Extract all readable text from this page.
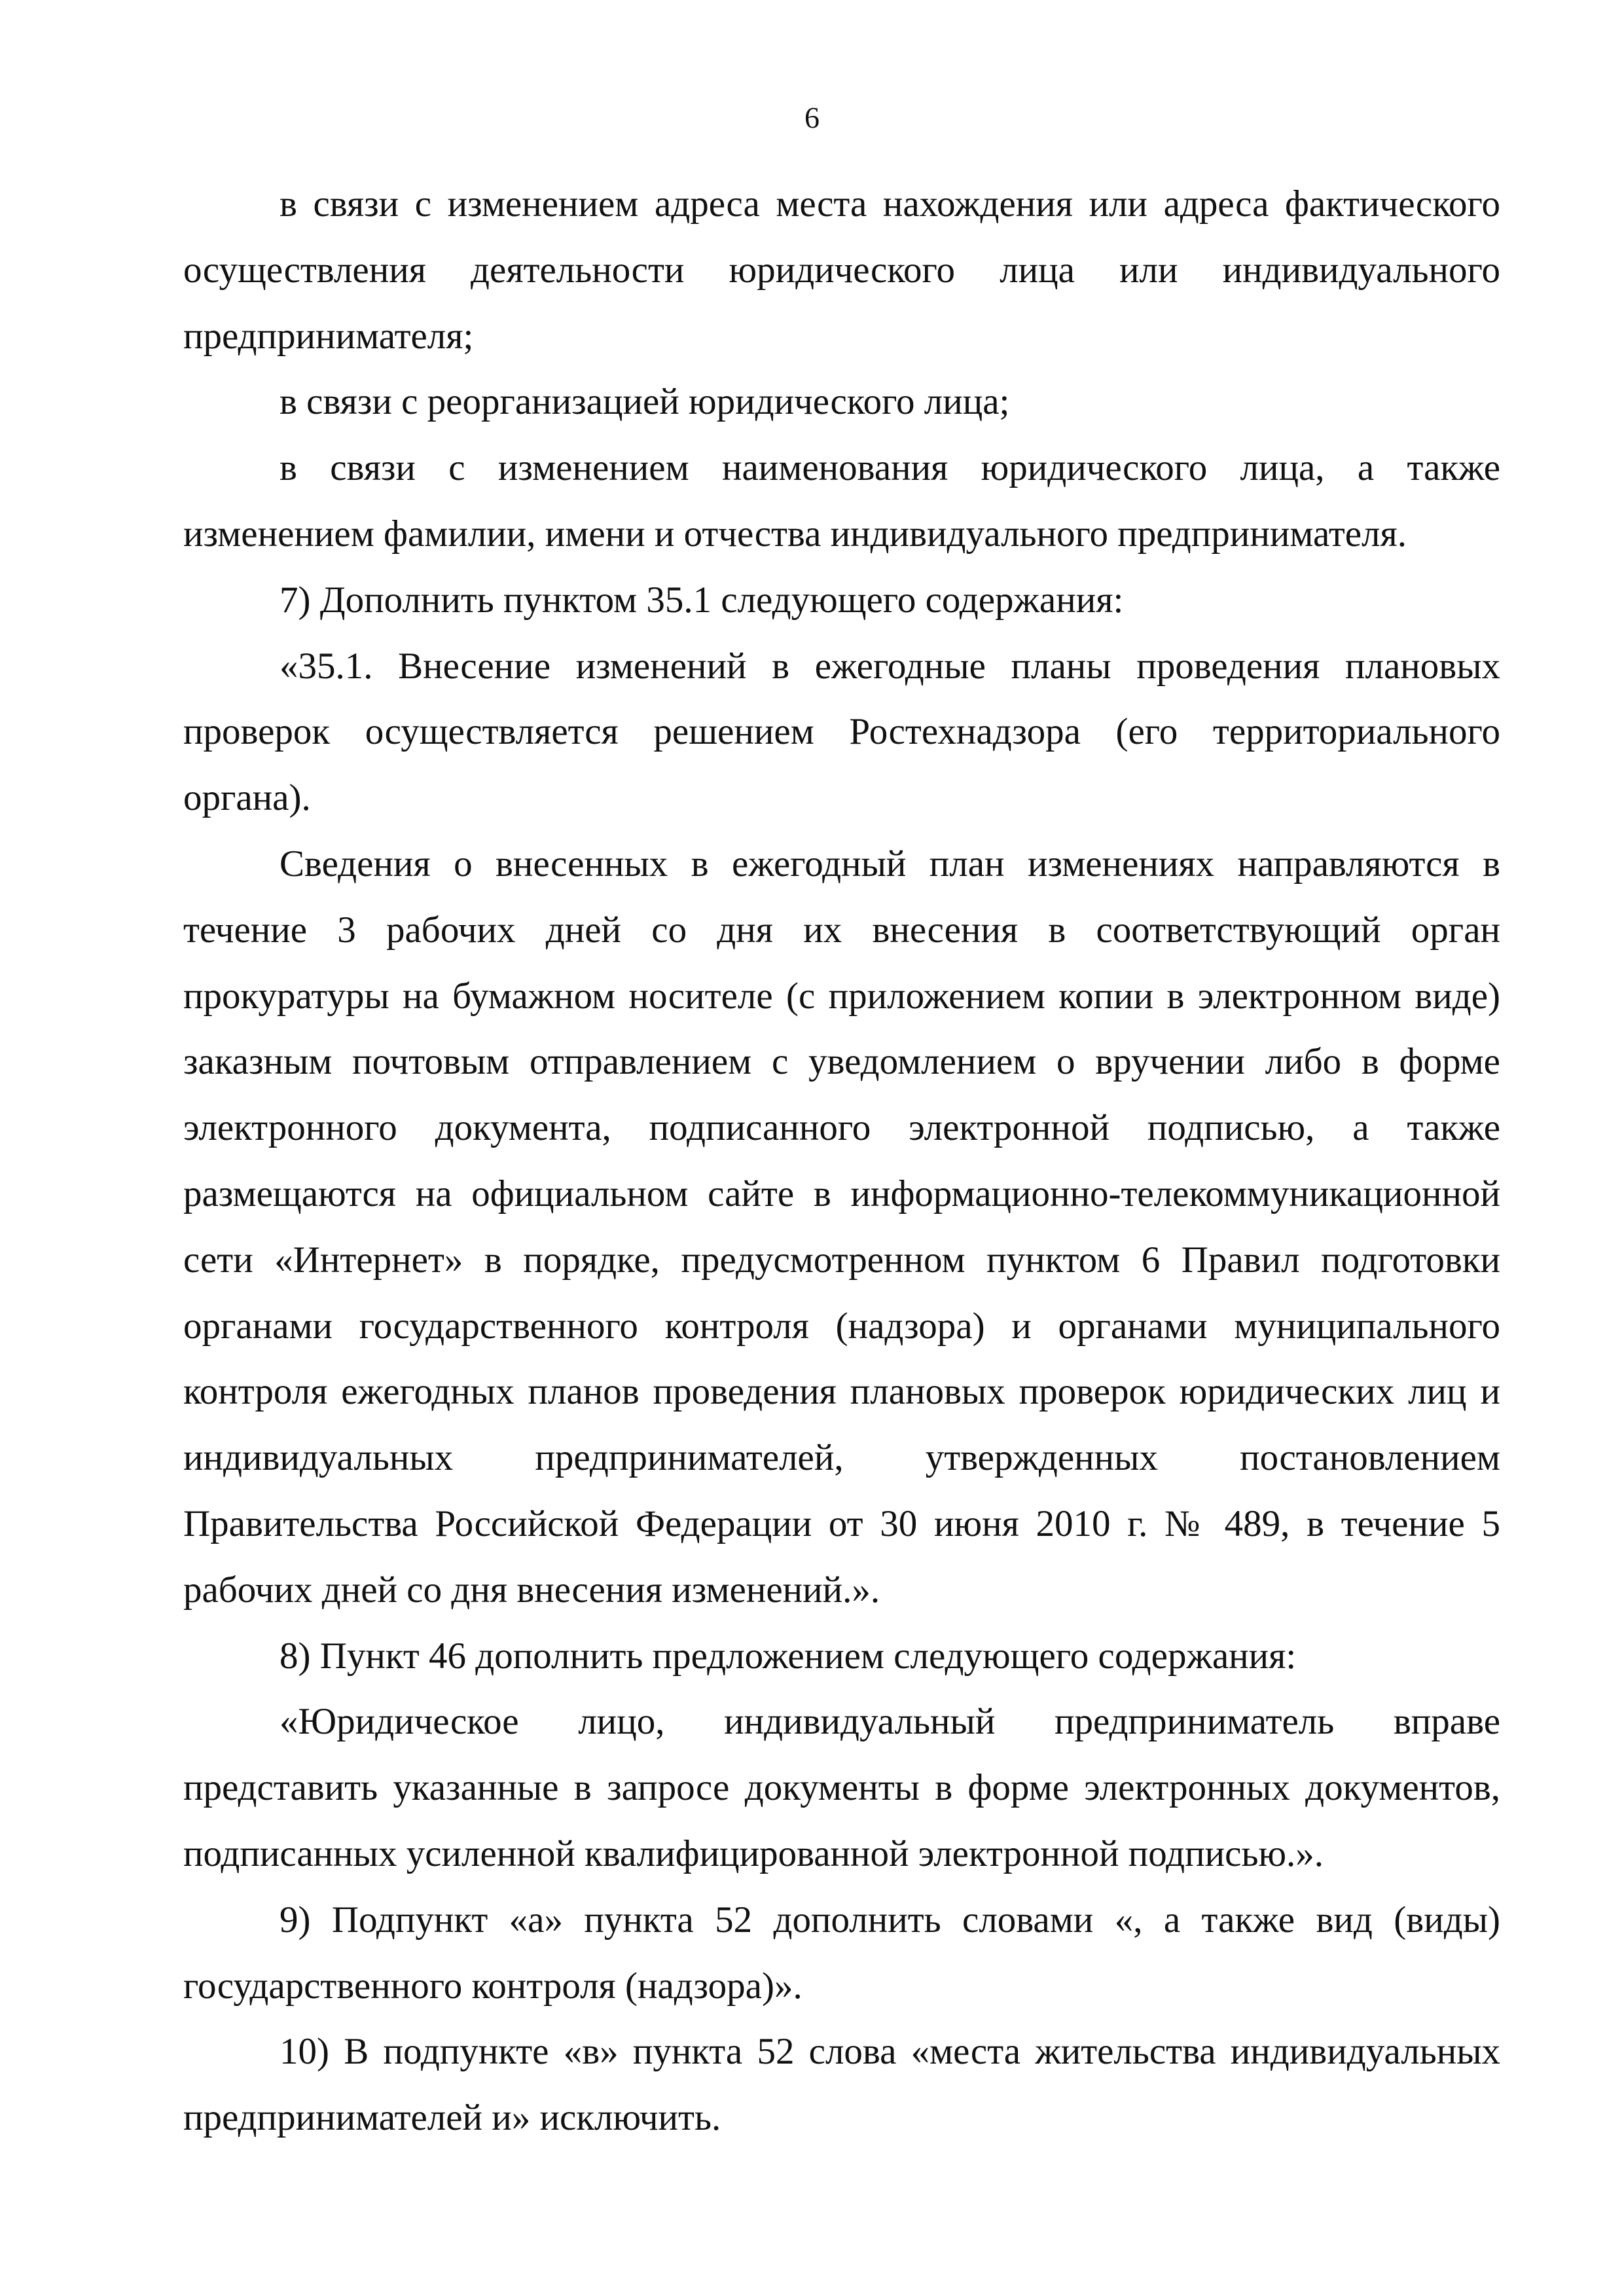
6

в связи с изменением адреса места нахождения или адреса фактического осуществления деятельности юридического лица или индивидуального предпринимателя;

в связи с реорганизацией юридического лица;

в связи с изменением наименования юридического лица, а также изменением фамилии, имени и отчества индивидуального предпринимателя.

7) Дополнить пунктом 35.1 следующего содержания:

«35.1. Внесение изменений в ежегодные планы проведения плановых проверок осуществляется решением Ростехнадзора (его территориального органа).

Сведения о внесенных в ежегодный план изменениях направляются в течение 3 рабочих дней со дня их внесения в соответствующий орган прокуратуры на бумажном носителе (с приложением копии в электронном виде) заказным почтовым отправлением с уведомлением о вручении либо в форме электронного документа, подписанного электронной подписью, а также размещаются на официальном сайте в информационно-телекоммуникационной сети «Интернет» в порядке, предусмотренном пунктом 6 Правил подготовки органами государственного контроля (надзора) и органами муниципального контроля ежегодных планов проведения плановых проверок юридических лиц и индивидуальных предпринимателей, утвержденных постановлением Правительства Российской Федерации от 30 июня 2010 г. № 489, в течение 5 рабочих дней со дня внесения изменений.».

8) Пункт 46 дополнить предложением следующего содержания:

«Юридическое лицо, индивидуальный предприниматель вправе представить указанные в запросе документы в форме электронных документов, подписанных усиленной квалифицированной электронной подписью.».

9) Подпункт «а» пункта 52 дополнить словами «, а также вид (виды) государственного контроля (надзора)».

10) В подпункте «в» пункта 52 слова «места жительства индивидуальных предпринимателей и» исключить.
